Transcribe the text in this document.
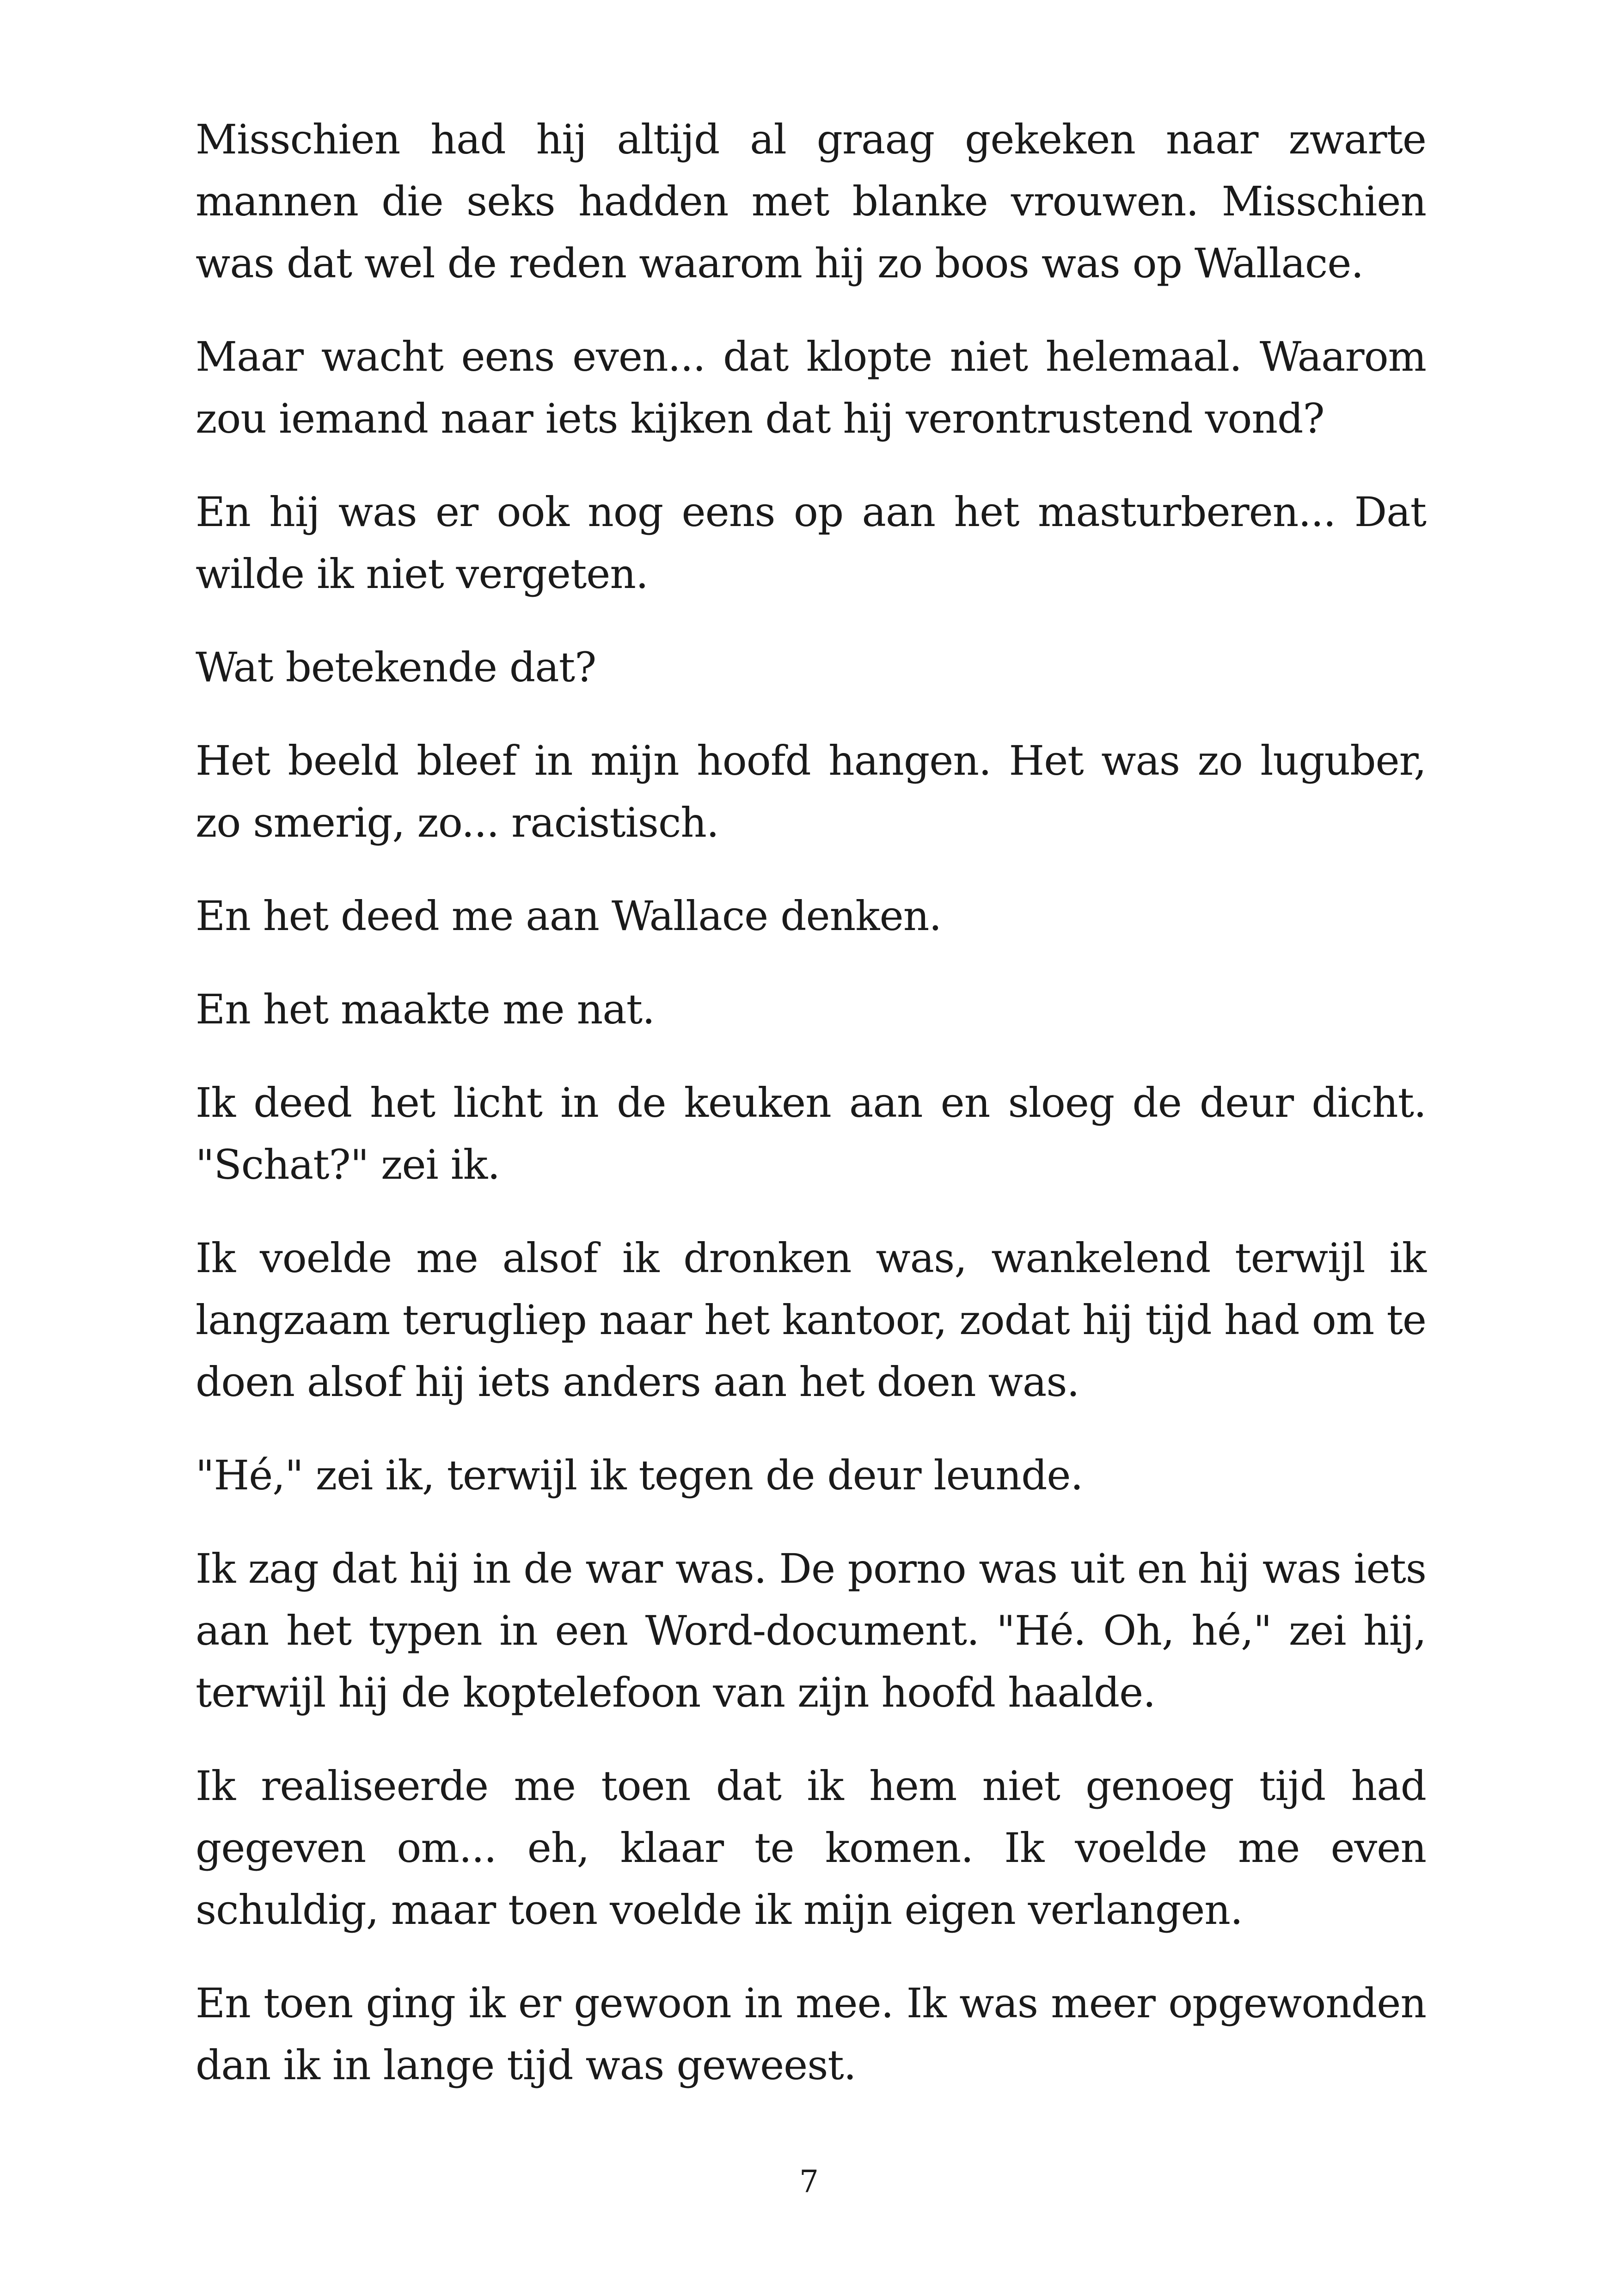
Misschien had hij altijd al graag gekeken naar zwarte mannen die seks hadden met blanke vrouwen. Misschien was dat wel de reden waarom hij zo boos was op Wallace.

Maar wacht eens even... dat klopte niet helemaal. Waarom zou iemand naar iets kijken dat hij verontrustend vond?

En hij was er ook nog eens op aan het masturberen... Dat wilde ik niet vergeten.

Wat betekende dat?

Het beeld bleef in mijn hoofd hangen. Het was zo luguber, zo smerig, zo... racistisch.

En het deed me aan Wallace denken.

En het maakte me nat.

Ik deed het licht in de keuken aan en sloeg de deur dicht. "Schat?" zei ik.

Ik voelde me alsof ik dronken was, wankelend terwijl ik langzaam terugliep naar het kantoor, zodat hij tijd had om te doen alsof hij iets anders aan het doen was.

"Hé," zei ik, terwijl ik tegen de deur leunde.

Ik zag dat hij in de war was. De porno was uit en hij was iets aan het typen in een Word-document. "Hé. Oh, hé," zei hij, terwijl hij de koptelefoon van zijn hoofd haalde.

Ik realiseerde me toen dat ik hem niet genoeg tijd had gegeven om... eh, klaar te komen. Ik voelde me even schuldig, maar toen voelde ik mijn eigen verlangen.

En toen ging ik er gewoon in mee. Ik was meer opgewonden dan ik in lange tijd was geweest.

7
